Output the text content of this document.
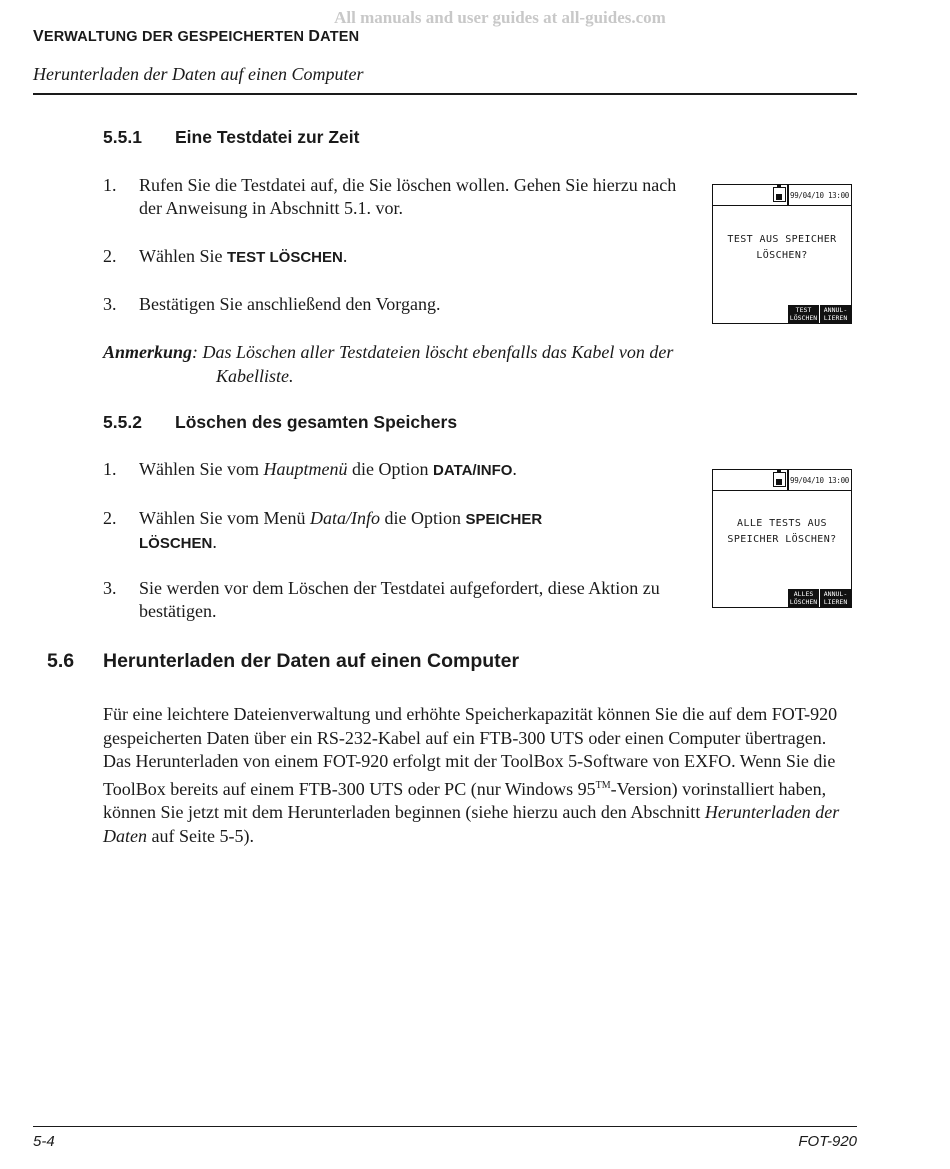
All manuals and user guides at all-guides.com
VERWALTUNG DER GESPEICHERTEN DATEN
Herunterladen der Daten auf einen Computer
5.5.1 Eine Testdatei zur Zeit
1. Rufen Sie die Testdatei auf, die Sie löschen wollen. Gehen Sie hierzu nach der Anweisung in Abschnitt 5.1. vor.
2. Wählen Sie TEST LÖSCHEN.
3. Bestätigen Sie anschließend den Vorgang.
99/04/10 13:00
TEST AUS SPEICHER
LÖSCHEN?
TEST
LÖSCHEN
ANNUL-
LIEREN
Anmerkung: Das Löschen aller Testdateien löscht ebenfalls das Kabel von der
Kabelliste.
5.5.2 Löschen des gesamten Speichers
1. Wählen Sie vom Hauptmenü die Option DATA/INFO.
2. Wählen Sie vom Menü Data/Info die Option SPEICHER
LÖSCHEN.
3. Sie werden vor dem Löschen der Testdatei aufgefordert, diese Aktion zu bestätigen.
99/04/10 13:00
ALLE TESTS AUS
SPEICHER LÖSCHEN?
ALLES
LÖSCHEN
ANNUL-
LIEREN
5.6 Herunterladen der Daten auf einen Computer
Für eine leichtere Dateienverwaltung und erhöhte Speicherkapazität können Sie die auf dem FOT-920 gespeicherten Daten über ein RS-232-Kabel auf ein FTB-300 UTS oder einen Computer übertragen. Das Herunterladen von einem FOT-920 erfolgt mit der ToolBox 5-Software von EXFO. Wenn Sie die ToolBox bereits auf einem FTB-300 UTS oder PC (nur Windows 95™-Version) vorinstalliert haben, können Sie jetzt mit dem Herunterladen beginnen (siehe hierzu auch den Abschnitt Herunterladen der Daten auf Seite 5-5).
5-4	FOT-920
